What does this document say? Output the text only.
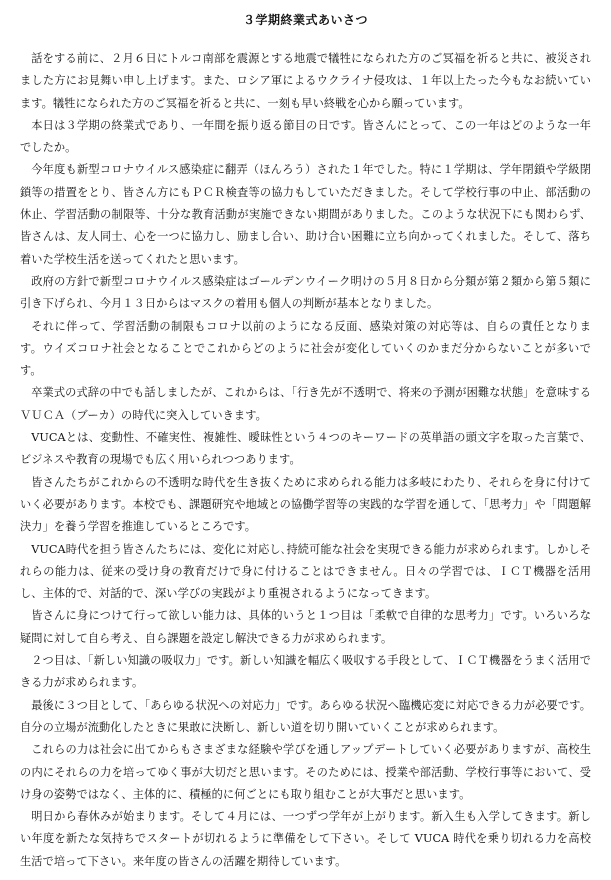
３学期終業式あいさつ

話をする前に、２月６日にトルコ南部を震源とする地震で犠牲になられた方のご冥福を祈ると共に、被災されました方にお見舞い申し上げます。また、ロシア軍によるウクライナ侵攻は、１年以上たった今もなお続いています。犠牲になられた方のご冥福を祈ると共に、一刻も早い終戦を心から願っています。

本日は３学期の終業式であり、一年間を振り返る節目の日です。皆さんにとって、この一年はどのような一年でしたか。

今年度も新型コロナウイルス感染症に翻弄（ほんろう）された１年でした。特に１学期は、学年閉鎖や学級閉鎖等の措置をとり、皆さん方にもＰＣＲ検査等の協力もしていただきました。そして学校行事の中止、部活動の休止、学習活動の制限等、十分な教育活動が実施できない期間がありました。このような状況下にも関わらず、皆さんは、友人同士、心を一つに協力し、励まし合い、助け合い困難に立ち向かってくれました。そして、落ち着いた学校生活を送ってくれたと思います。

政府の方針で新型コロナウイルス感染症はゴールデンウイーク明けの５月８日から分類が第２類から第５類に引き下げられ、今月１３日からはマスクの着用も個人の判断が基本となりました。

それに伴って、学習活動の制限もコロナ以前のようになる反面、感染対策の対応等は、自らの責任となります。ウイズコロナ社会となることでこれからどのように社会が変化していくのかまだ分からないことが多いです。

卒業式の式辞の中でも話しましたが、これからは、「行き先が不透明で、将来の予測が困難な状態」を意味するＶＵＣＡ（ブーカ）の時代に突入していきます。

VUCAとは、変動性、不確実性、複雑性、曖昧性という４つのキーワードの英単語の頭文字を取った言葉で、ビジネスや教育の現場でも広く用いられつつあります。

皆さんたちがこれからの不透明な時代を生き抜くために求められる能力は多岐にわたり、それらを身に付けていく必要があります。本校でも、課題研究や地域との協働学習等の実践的な学習を通して、「思考力」や「問題解決力」を養う学習を推進しているところです。

VUCA時代を担う皆さんたちには、変化に対応し､持続可能な社会を実現できる能力が求められます。しかしそれらの能力は、従来の受け身の教育だけで身に付けることはできません。日々の学習では、ＩＣＴ機器を活用し、主体的で、対話的で、深い学びの実践がより重視されるようになってきます。

皆さんに身につけて行って欲しい能力は、具体的いうと１つ目は「柔軟で自律的な思考力」です。いろいろな疑問に対して自ら考え、自ら課題を設定し解決できる力が求められます。

２つ目は、「新しい知識の吸収力」です。新しい知識を幅広く吸収する手段として、ＩＣＴ機器をうまく活用できる力が求められます。

最後に３つ目として、「あらゆる状況への対応力」です。あらゆる状況へ臨機応変に対応できる力が必要です。自分の立場が流動化したときに果敢に決断し、新しい道を切り開いていくことが求められます。

これらの力は社会に出てからもさまざまな経験や学びを通しアップデートしていく必要がありますが、高校生の内にそれらの力を培ってゆく事が大切だと思います。そのためには、授業や部活動、学校行事等において、受け身の姿勢ではなく、主体的に、積極的に何ごとにも取り組むことが大事だと思います。

明日から春休みが始まります。そして４月には、一つずつ学年が上がります。新入生も入学してきます。新しい年度を新たな気持ちでスタートが切れるように準備をして下さい。そして VUCA 時代を乗り切れる力を高校生活で培って下さい。来年度の皆さんの活躍を期待しています。
